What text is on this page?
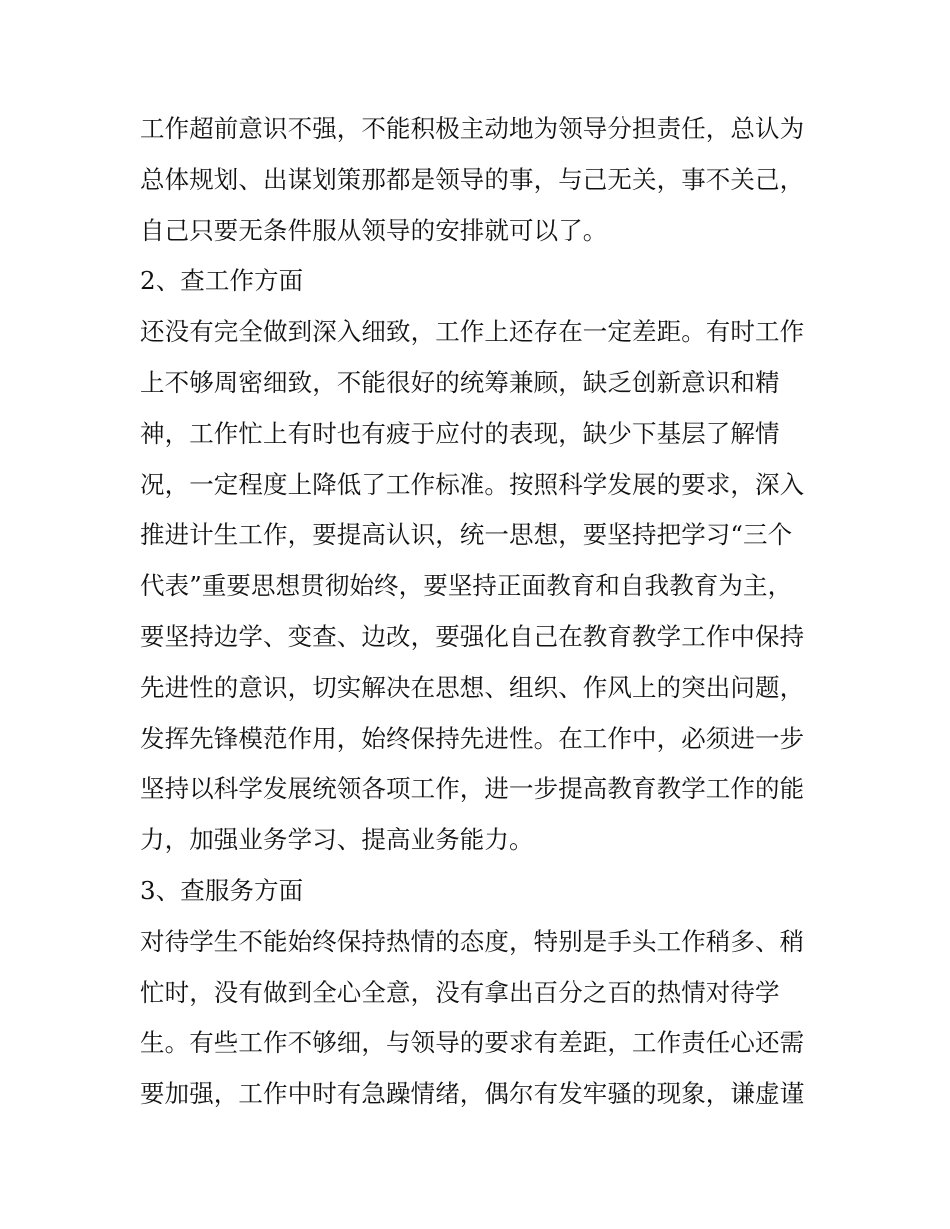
工作超前意识不强，不能积极主动地为领导分担责任，总认为
总体规划、出谋划策那都是领导的事，与己无关，事不关己，
自己只要无条件服从领导的安排就可以了。
2、查工作方面
还没有完全做到深入细致，工作上还存在一定差距。有时工作
上不够周密细致，不能很好的统筹兼顾，缺乏创新意识和精
神，工作忙上有时也有疲于应付的表现，缺少下基层了解情
况，一定程度上降低了工作标准。按照科学发展的要求，深入
推进计生工作，要提高认识，统一思想，要坚持把学习“三个
代表”重要思想贯彻始终，要坚持正面教育和自我教育为主，
要坚持边学、变查、边改，要强化自己在教育教学工作中保持
先进性的意识，切实解决在思想、组织、作风上的突出问题，
发挥先锋模范作用，始终保持先进性。在工作中，必须进一步
坚持以科学发展统领各项工作，进一步提高教育教学工作的能
力，加强业务学习、提高业务能力。
3、查服务方面
对待学生不能始终保持热情的态度，特别是手头工作稍多、稍
忙时，没有做到全心全意，没有拿出百分之百的热情对待学
生。有些工作不够细，与领导的要求有差距，工作责任心还需
要加强，工作中时有急躁情绪，偶尔有发牢骚的现象，谦虚谨
